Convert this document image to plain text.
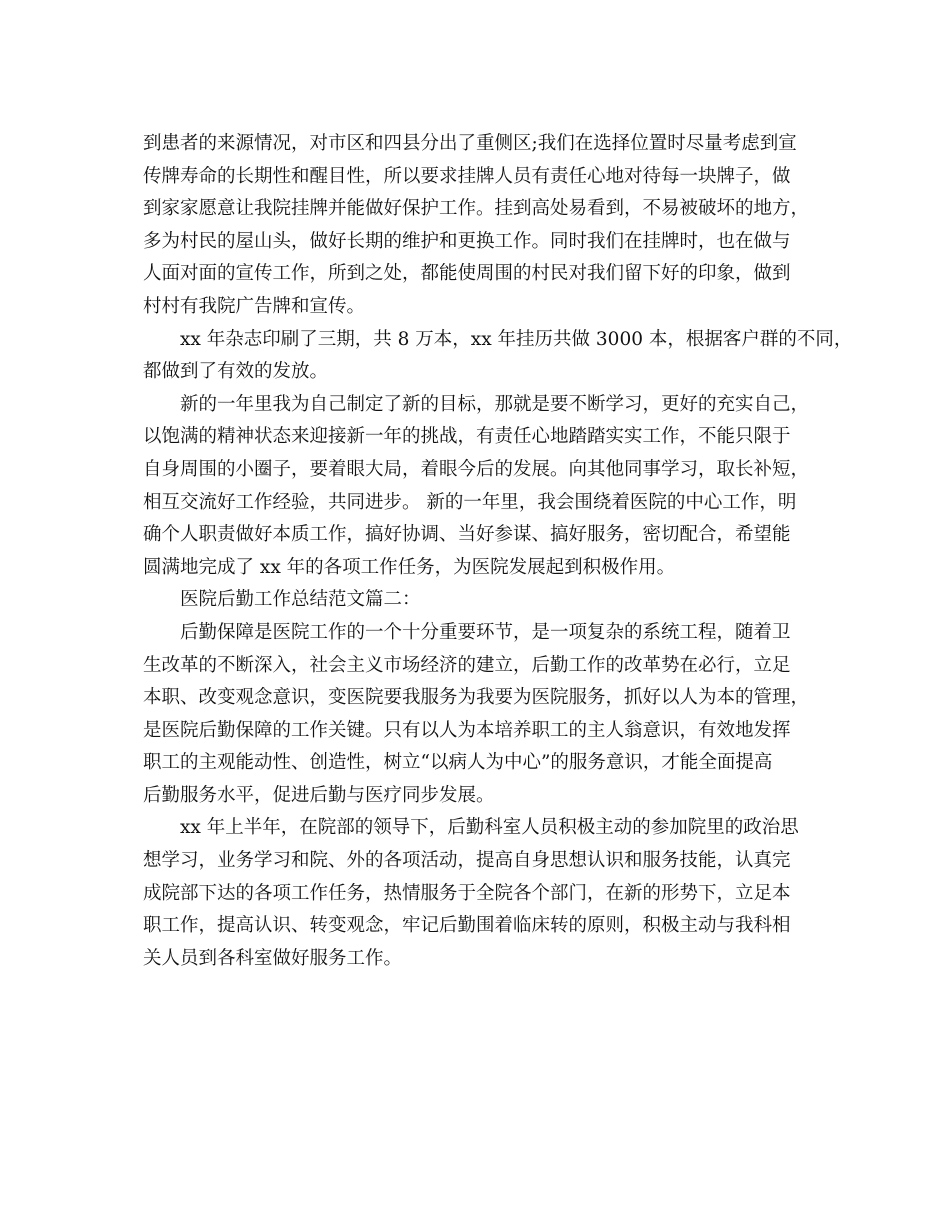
到患者的来源情况，对市区和四县分出了重侧区;我们在选择位置时尽量考虑到宣
传牌寿命的长期性和醒目性，所以要求挂牌人员有责任心地对待每一块牌子，做
到家家愿意让我院挂牌并能做好保护工作。挂到高处易看到，不易被破坏的地方，
多为村民的屋山头，做好长期的维护和更换工作。同时我们在挂牌时，也在做与
人面对面的宣传工作，所到之处，都能使周围的村民对我们留下好的印象，做到
村村有我院广告牌和宣传。
xx 年杂志印刷了三期，共 8 万本，xx 年挂历共做 3000 本，根据客户群的不同，
都做到了有效的发放。
新的一年里我为自己制定了新的目标，那就是要不断学习，更好的充实自己，
以饱满的精神状态来迎接新一年的挑战，有责任心地踏踏实实工作，不能只限于
自身周围的小圈子，要着眼大局，着眼今后的发展。向其他同事学习，取长补短，
相互交流好工作经验，共同进步。 新的一年里，我会围绕着医院的中心工作，明
确个人职责做好本质工作，搞好协调、当好参谋、搞好服务，密切配合，希望能
圆满地完成了 xx 年的各项工作任务，为医院发展起到积极作用。
医院后勤工作总结范文篇二：
后勤保障是医院工作的一个十分重要环节，是一项复杂的系统工程，随着卫
生改革的不断深入，社会主义市场经济的建立，后勤工作的改革势在必行，立足
本职、改变观念意识，变医院要我服务为我要为医院服务，抓好以人为本的管理，
是医院后勤保障的工作关键。只有以人为本培养职工的主人翁意识，有效地发挥
职工的主观能动性、创造性，树立“以病人为中心”的服务意识，才能全面提高
后勤服务水平，促进后勤与医疗同步发展。
xx 年上半年，在院部的领导下，后勤科室人员积极主动的参加院里的政治思
想学习，业务学习和院、外的各项活动，提高自身思想认识和服务技能，认真完
成院部下达的各项工作任务，热情服务于全院各个部门，在新的形势下，立足本
职工作，提高认识、转变观念，牢记后勤围着临床转的原则，积极主动与我科相
关人员到各科室做好服务工作。
